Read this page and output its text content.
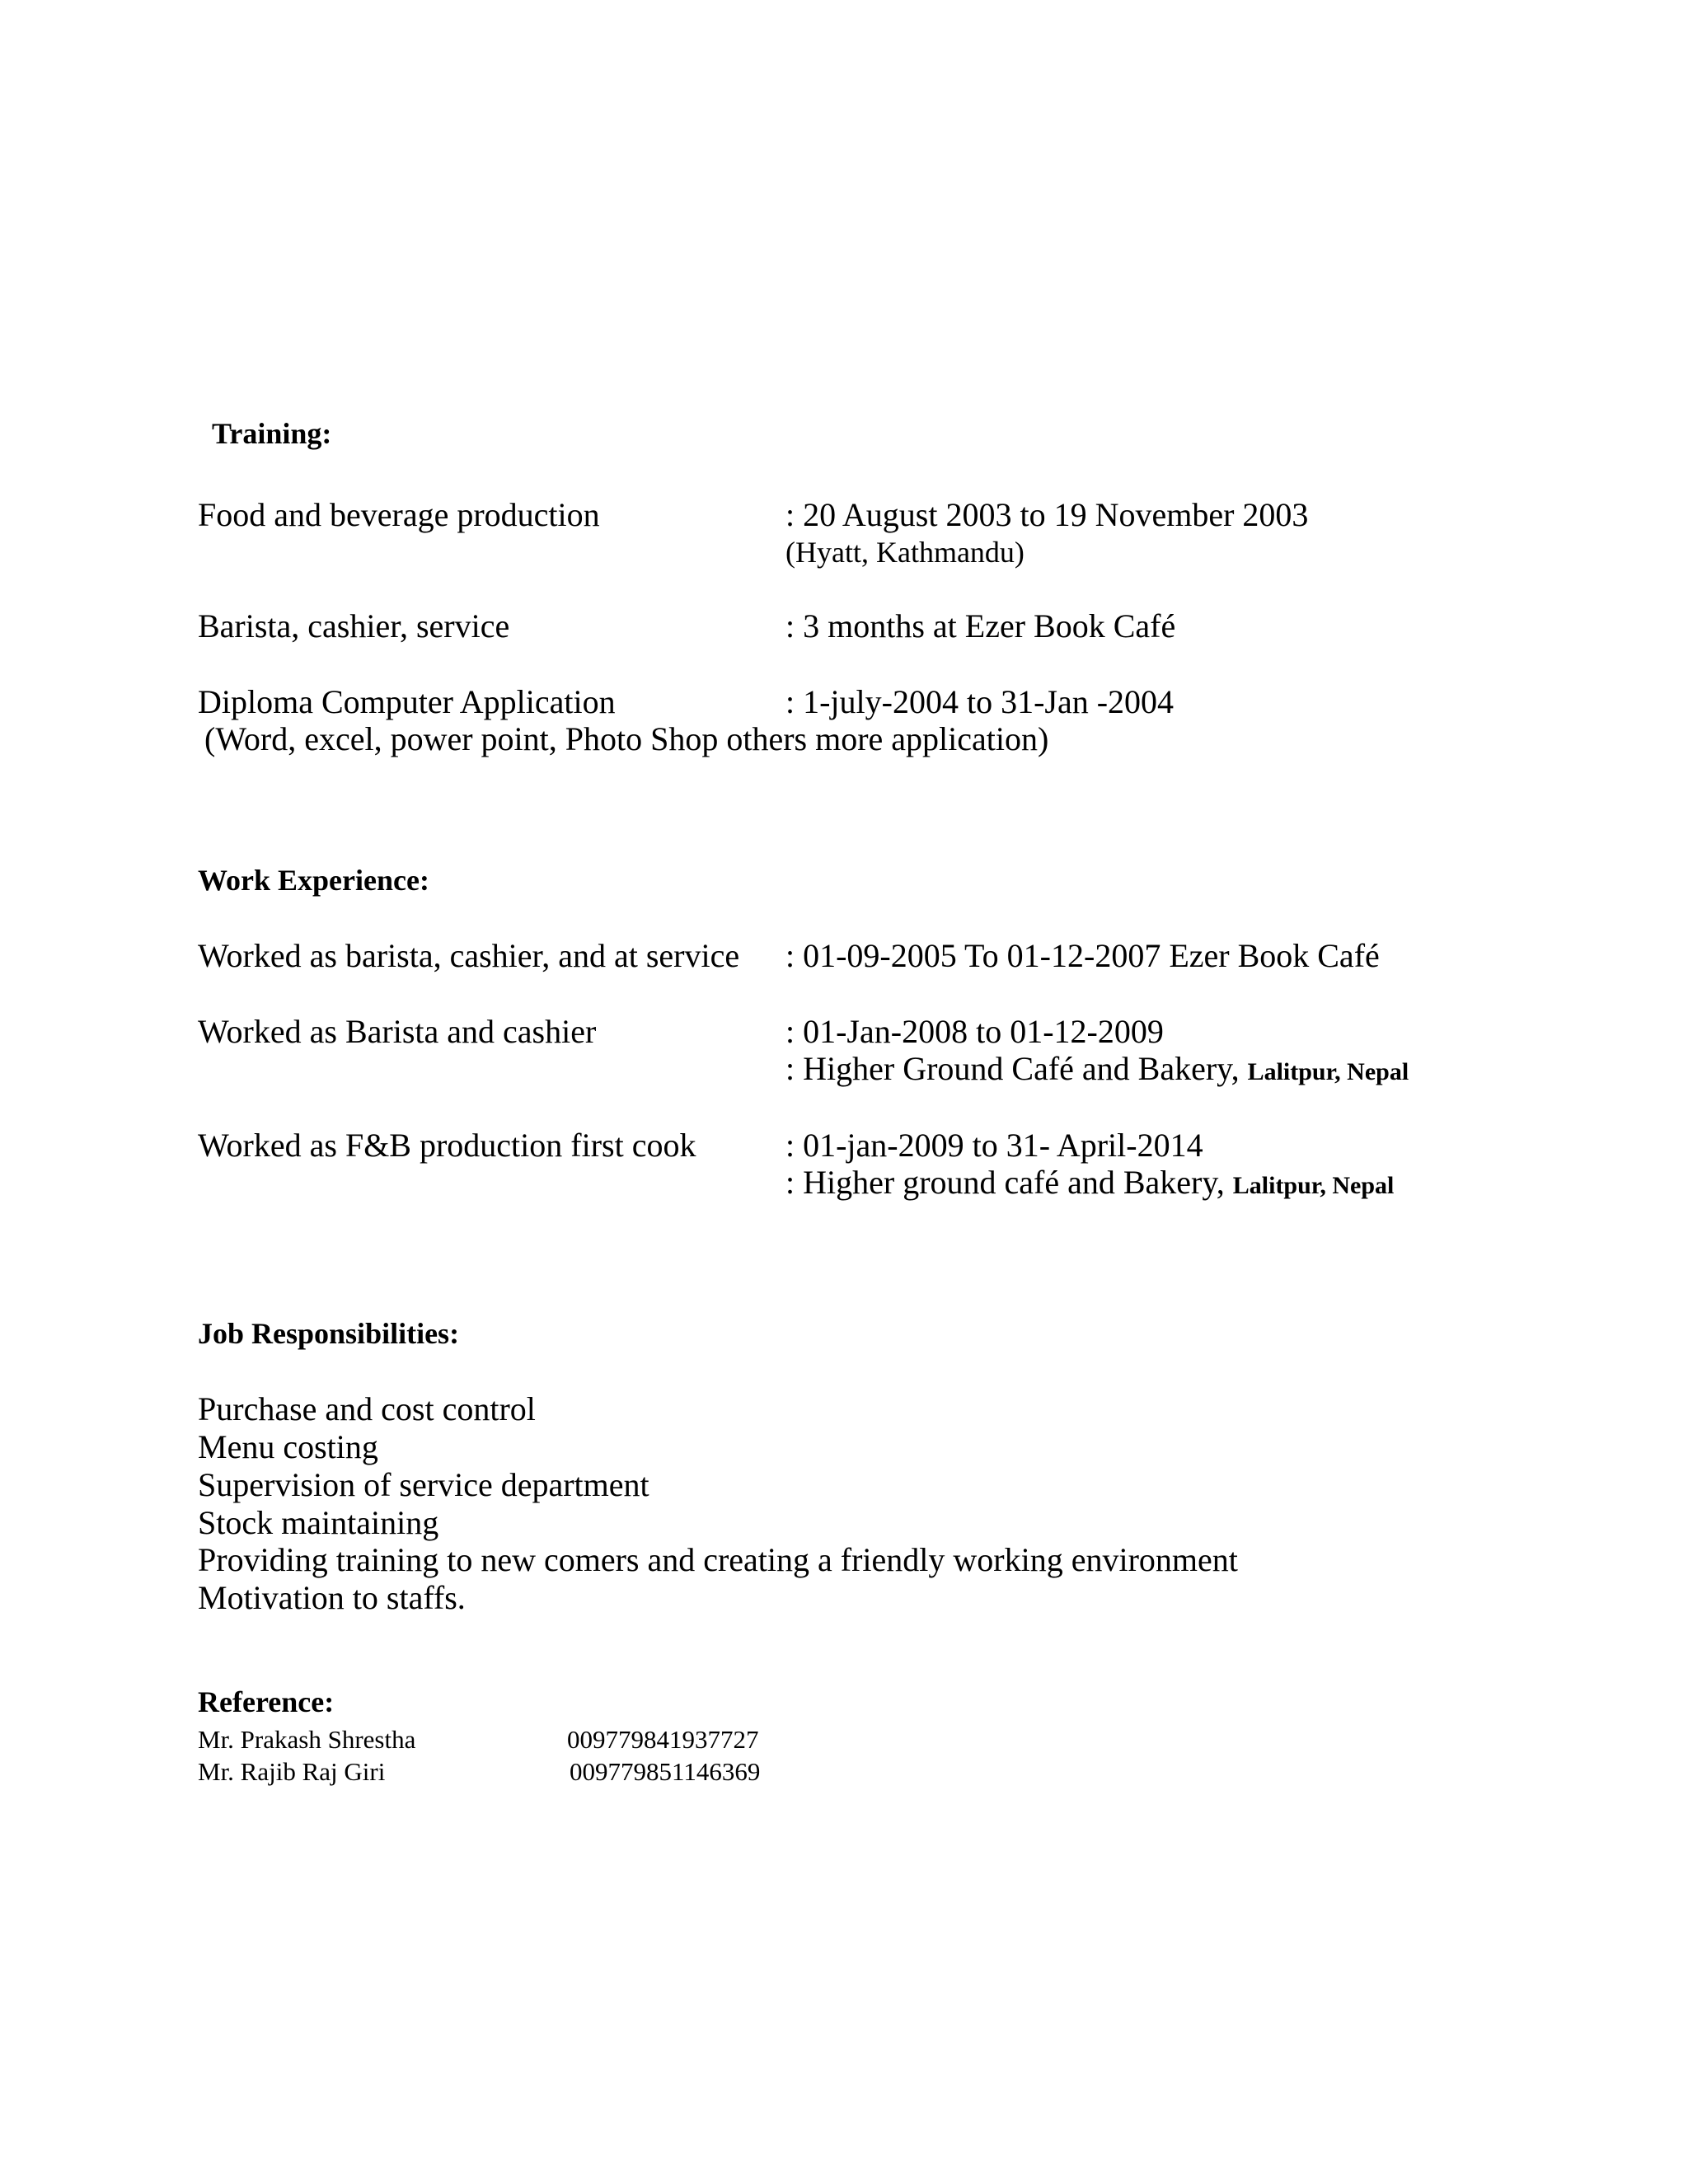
Training:
Food and beverage production	: 20 August 2003 to 19 November 2003
(Hyatt, Kathmandu)
Barista, cashier, service	: 3 months at Ezer Book Café
Diploma Computer Application	: 1-july-2004 to 31-Jan -2004
(Word, excel, power point, Photo Shop others more application)
Work Experience:
Worked as barista, cashier, and at service : 01-09-2005 To 01-12-2007 Ezer Book Café
Worked as Barista and cashier	: 01-Jan-2008 to 01-12-2009
: Higher Ground Café and Bakery, Lalitpur, Nepal
Worked as F&B production first cook	: 01-jan-2009 to 31- April-2014
: Higher ground café and Bakery, Lalitpur, Nepal
Job Responsibilities:
Purchase and cost control
Menu costing
Supervision of service department
Stock maintaining
Providing training to new comers and creating a friendly working environment
Motivation to staffs.
Reference:
Mr. Prakash Shrestha	009779841937727
Mr. Rajib Raj Giri	009779851146369
